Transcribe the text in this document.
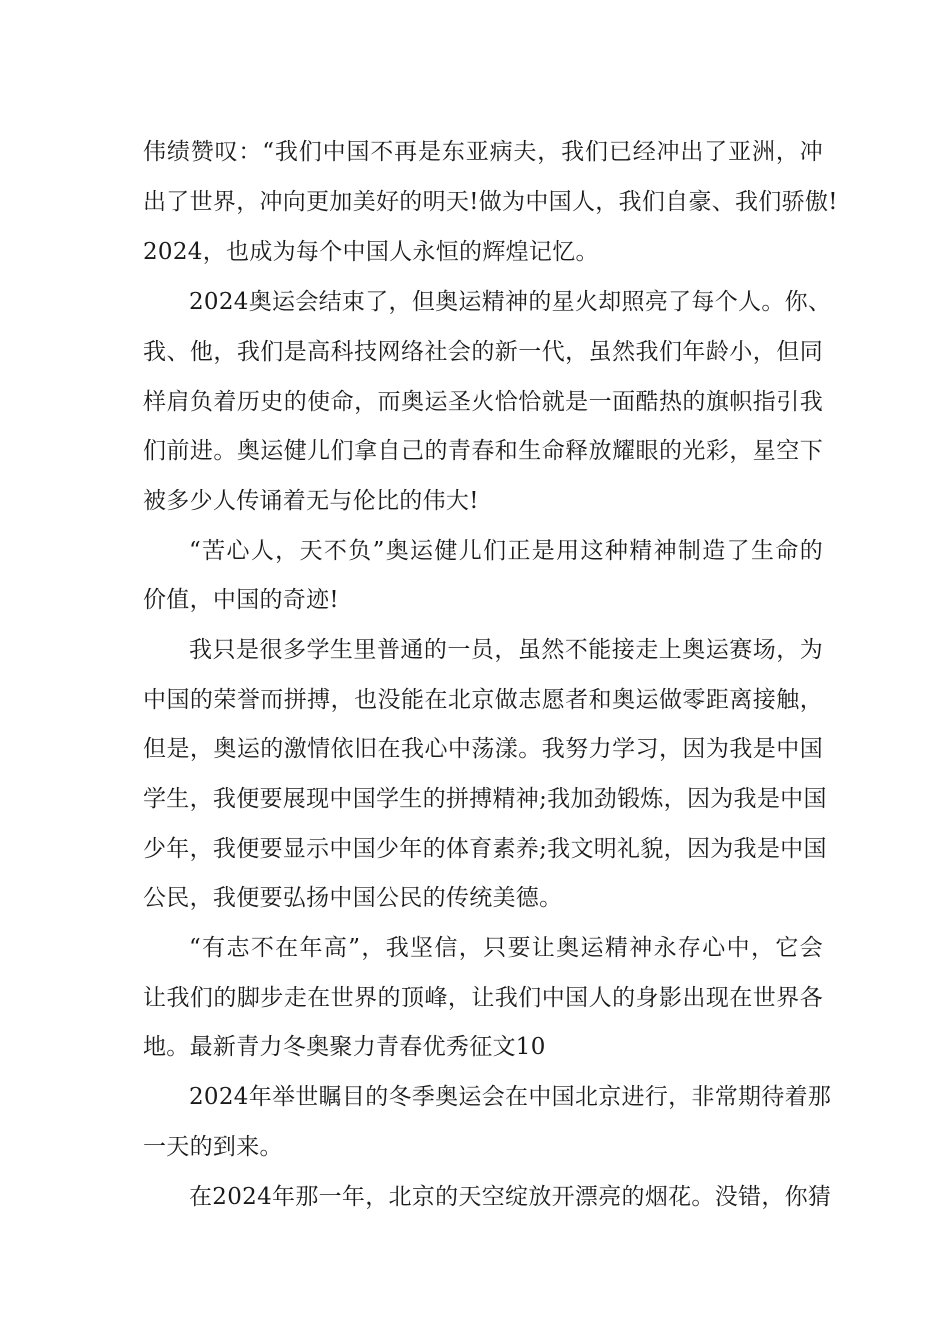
伟绩赞叹：“我们中国不再是东亚病夫，我们已经冲出了亚洲，冲
出了世界，冲向更加美好的明天!做为中国人，我们自豪、我们骄傲!
2024，也成为每个中国人永恒的辉煌记忆。
2024奥运会结束了，但奥运精神的星火却照亮了每个人。你、
我、他，我们是高科技网络社会的新一代，虽然我们年龄小，但同
样肩负着历史的使命，而奥运圣火恰恰就是一面酷热的旗帜指引我
们前进。奥运健儿们拿自己的青春和生命释放耀眼的光彩，星空下
被多少人传诵着无与伦比的伟大!
“苦心人，天不负”奥运健儿们正是用这种精神制造了生命的
价值，中国的奇迹!
我只是很多学生里普通的一员，虽然不能接走上奥运赛场，为
中国的荣誉而拼搏，也没能在北京做志愿者和奥运做零距离接触，
但是，奥运的激情依旧在我心中荡漾。我努力学习，因为我是中国
学生，我便要展现中国学生的拼搏精神;我加劲锻炼，因为我是中国
少年，我便要显示中国少年的体育素养;我文明礼貌，因为我是中国
公民，我便要弘扬中国公民的传统美德。
“有志不在年高”，我坚信，只要让奥运精神永存心中，它会
让我们的脚步走在世界的顶峰，让我们中国人的身影出现在世界各
地。最新青力冬奥聚力青春优秀征文10
2024年举世瞩目的冬季奥运会在中国北京进行，非常期待着那
一天的到来。
在2024年那一年，北京的天空绽放开漂亮的烟花。没错，你猜
